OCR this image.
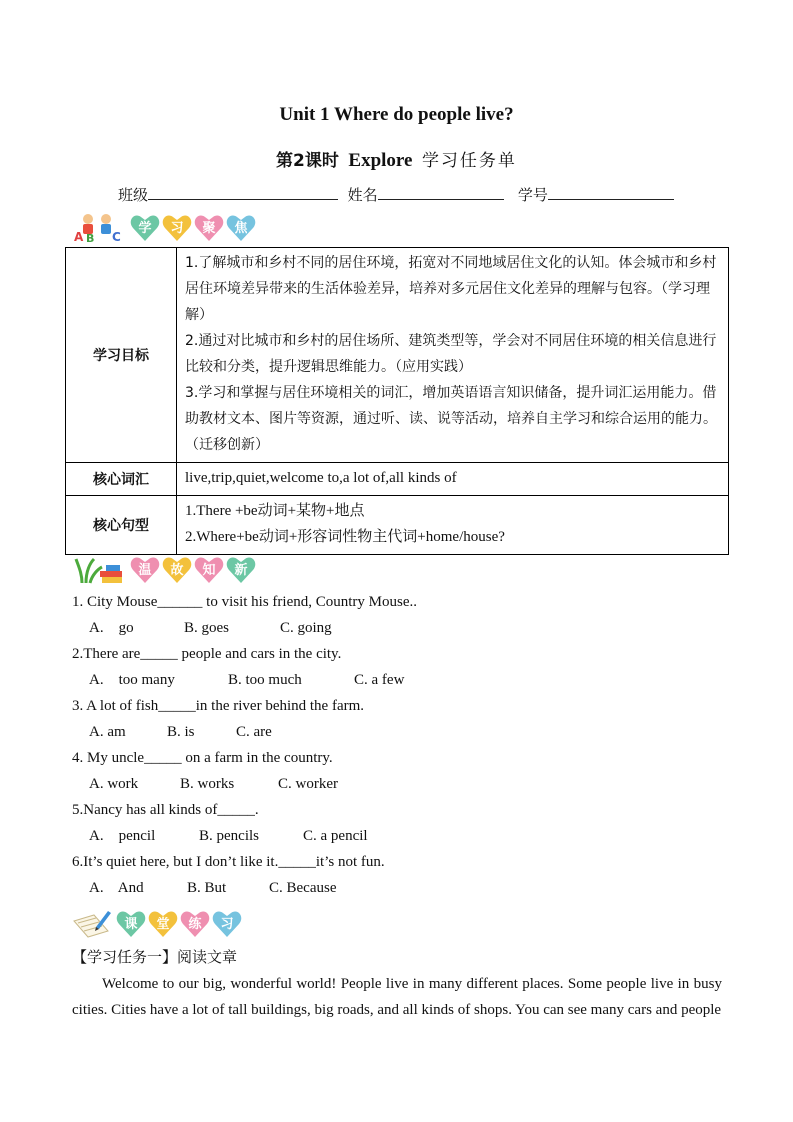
Unit 1 Where do people live?
第2课时 Explore 学习任务单
班级	姓名	学号
A B C
学 习 聚 焦
学习目标	1.了解城市和乡村不同的居住环境，拓宽对不同地域居住文化的认知。体会城市和乡村居住环境差异带来的生活体验差异，培养对多元居住文化差异的理解与包容。（学习理解）
2.通过对比城市和乡村的居住场所、建筑类型等，学会对不同居住环境的相关信息进行比较和分类，提升逻辑思维能力。（应用实践）
3.学习和掌握与居住环境相关的词汇，增加英语语言知识储备，提升词汇运用能力。借助教材文本、图片等资源，通过听、读、说等活动，培养自主学习和综合运用的能力。（迁移创新）

核心词汇	live,trip,quiet,welcome to,a lot of,all kinds of

核心句型	1.There +be动词+某物+地点
2.Where+be动词+形容词性物主代词+home/house?
温 故 知 新
1. City Mouse______ to visit his friend, Country Mouse..
A.    go	B. goes	C. going
2.There are_____ people and cars in the city.
A.    too many	B. too much	C. a few
3. A lot of fish_____in the river behind the farm.
A. am	B. is	C. are
4. My uncle_____ on a farm in the country.
A. work	B. works	C. worker
5.Nancy has all kinds of_____.
A.    pencil	B. pencils	C. a pencil
6.It’s quiet here, but I don’t like it._____it’s not fun.
A.    And	B. But	C. Because
课 堂 练 习
【学习任务一】阅读文章
Welcome to our big, wonderful world! People live in many different places. Some people live in busy cities. Cities have a lot of tall buildings, big roads, and all kinds of shops. You can see many cars and people
